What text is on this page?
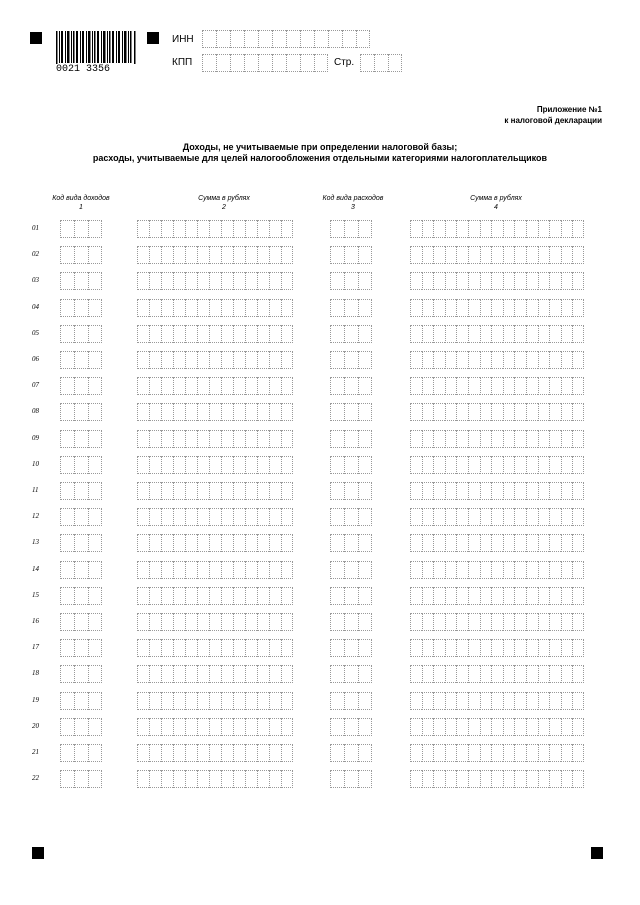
0021 3356
ИНН
КПП	Стр.
Приложение №1
к налоговой декларации
Доходы, не учитываемые при определении налоговой базы;
расходы, учитываемые для целей налогообложения отдельными категориями налогоплательщиков
Код вида доходов
1
Сумма в рублях
2
Код вида расходов
3
Сумма в рублях
4
01
02
03
04
05
06
07
08
09
10
11
12
13
14
15
16
17
18
19
20
21
22
